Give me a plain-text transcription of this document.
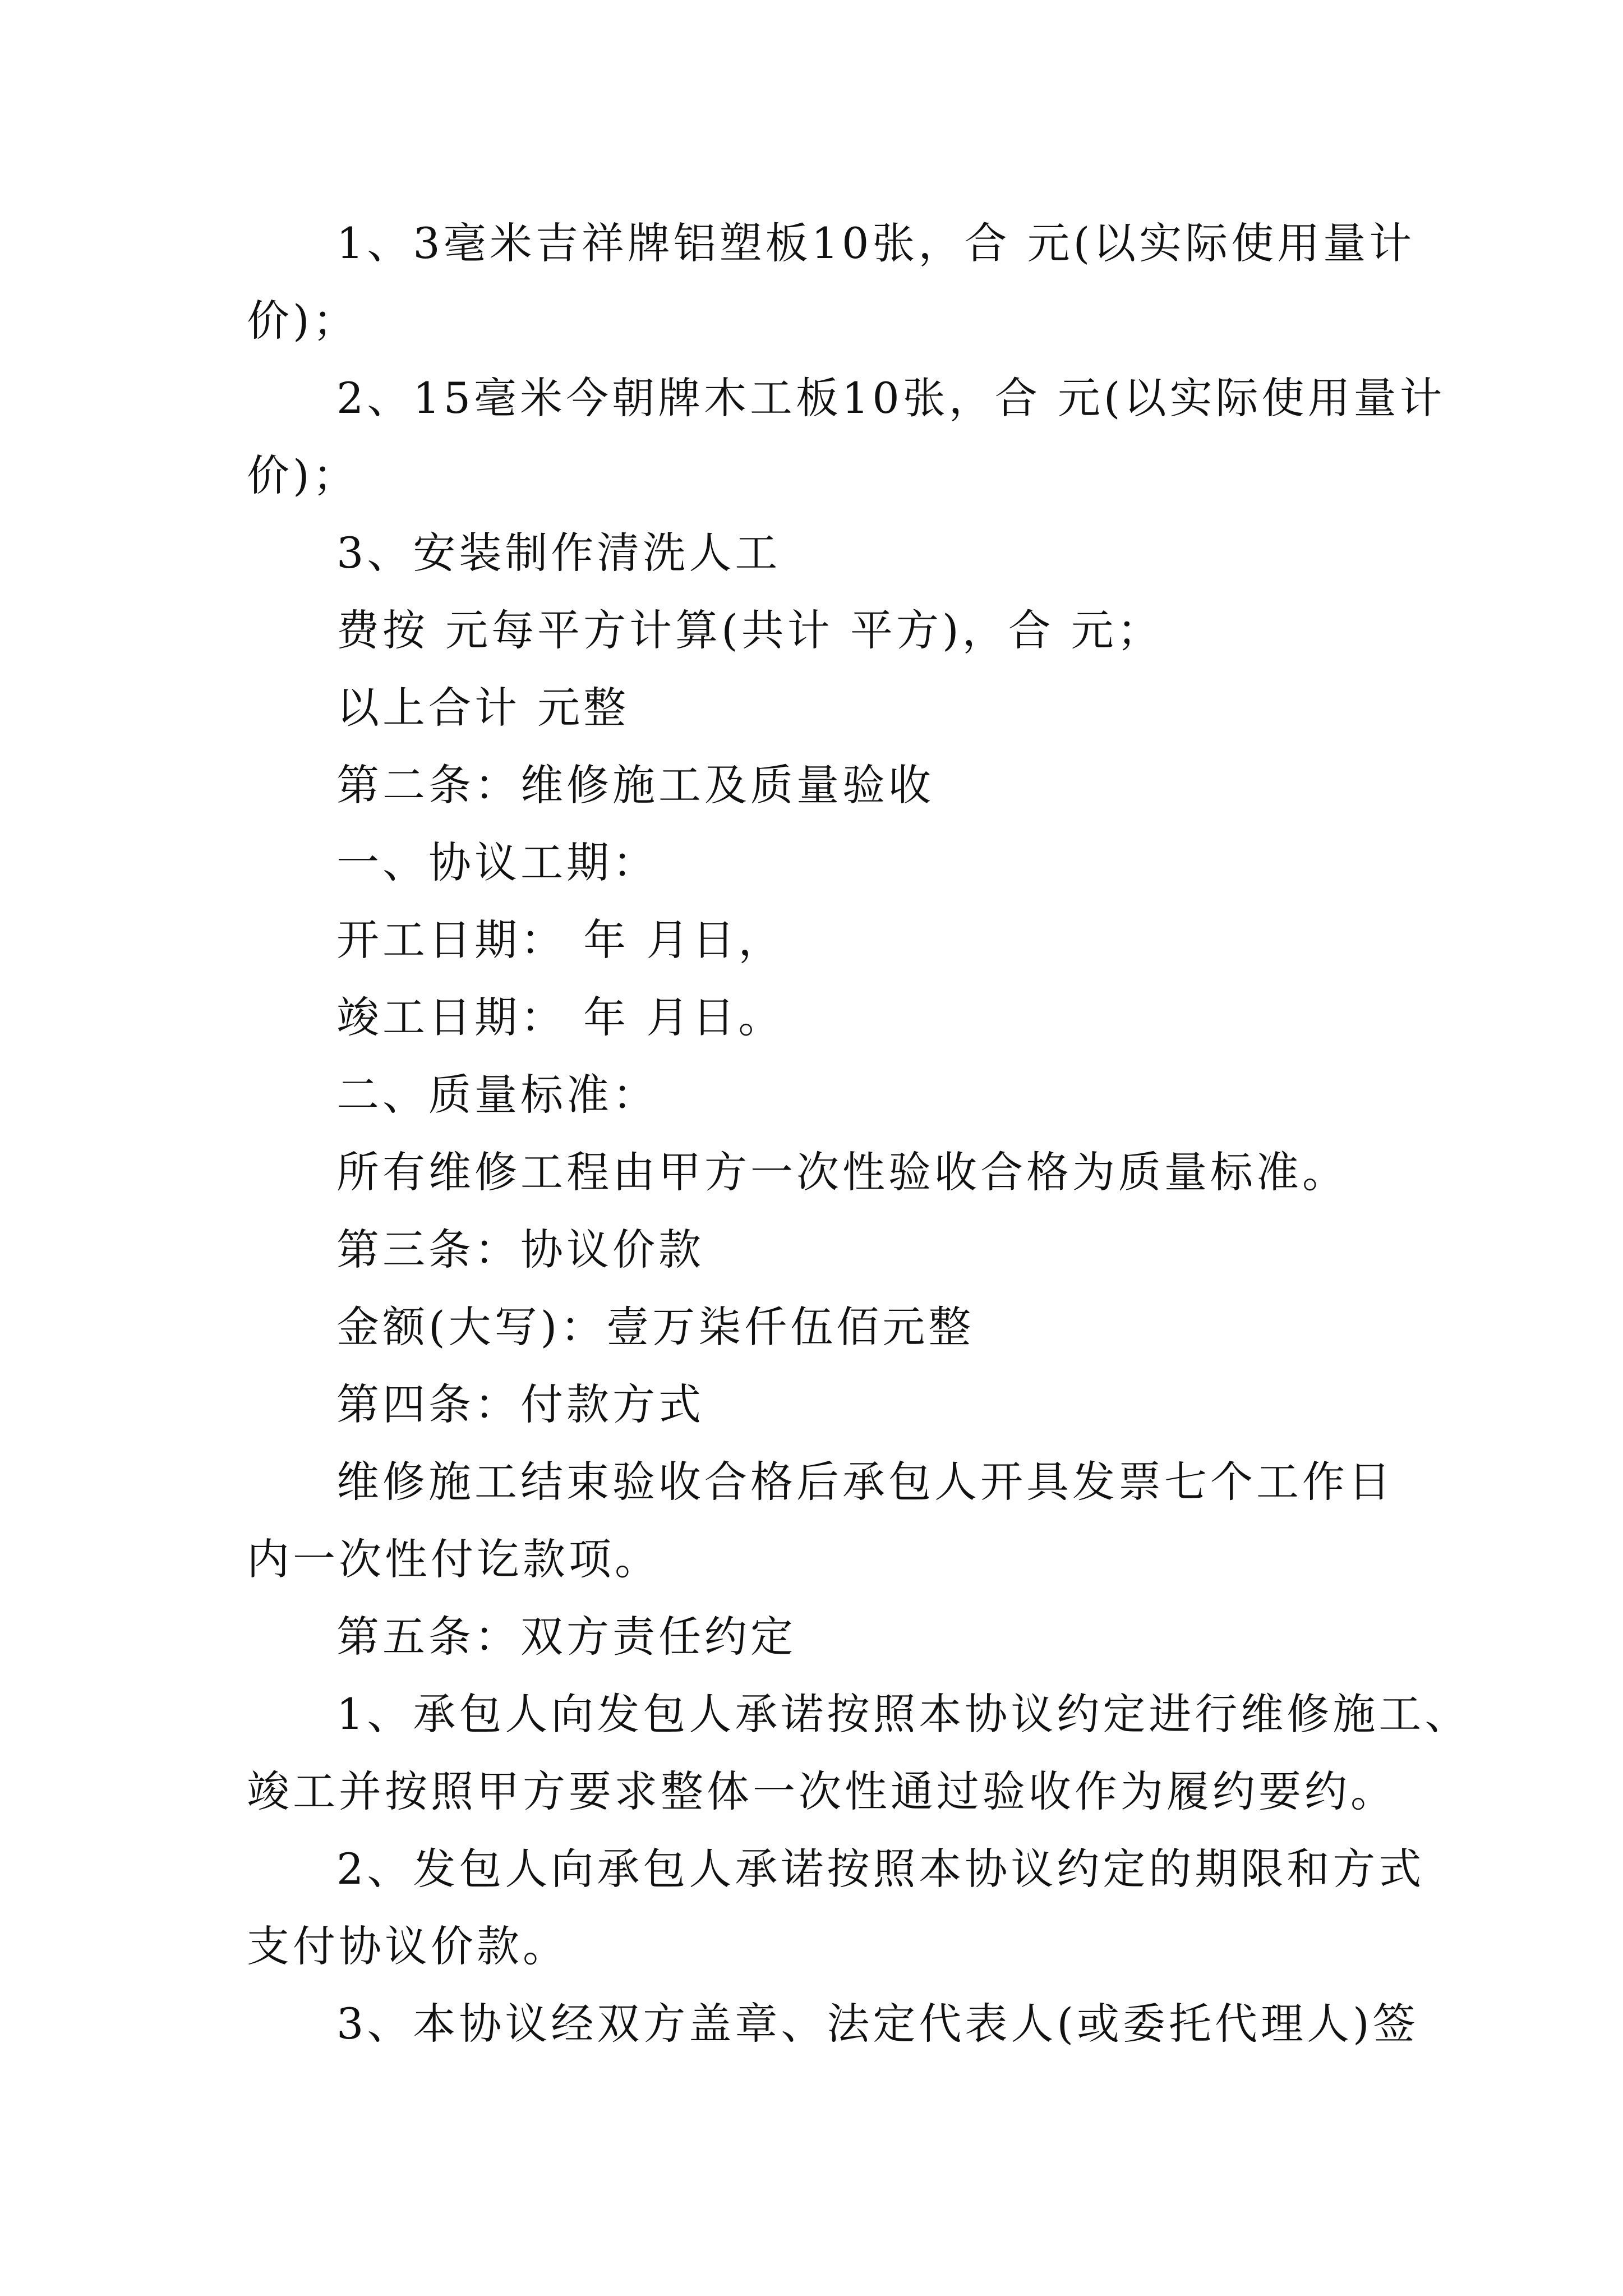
1、3毫米吉祥牌铝塑板10张，合 元(以实际使用量计

价)；

2、15毫米今朝牌木工板10张，合 元(以实际使用量计

价)；

3、安装制作清洗人工

费按 元每平方计算(共计 平方)，合 元；

以上合计 元整

第二条：维修施工及质量验收

一、协议工期：

开工日期： 年 月日，

竣工日期： 年 月日。

二、质量标准：

所有维修工程由甲方一次性验收合格为质量标准。

第三条：协议价款

金额(大写)：壹万柒仟伍佰元整

第四条：付款方式

维修施工结束验收合格后承包人开具发票七个工作日

内一次性付讫款项。

第五条：双方责任约定

1、承包人向发包人承诺按照本协议约定进行维修施工、

竣工并按照甲方要求整体一次性通过验收作为履约要约。

2、发包人向承包人承诺按照本协议约定的期限和方式

支付协议价款。

3、本协议经双方盖章、法定代表人(或委托代理人)签
